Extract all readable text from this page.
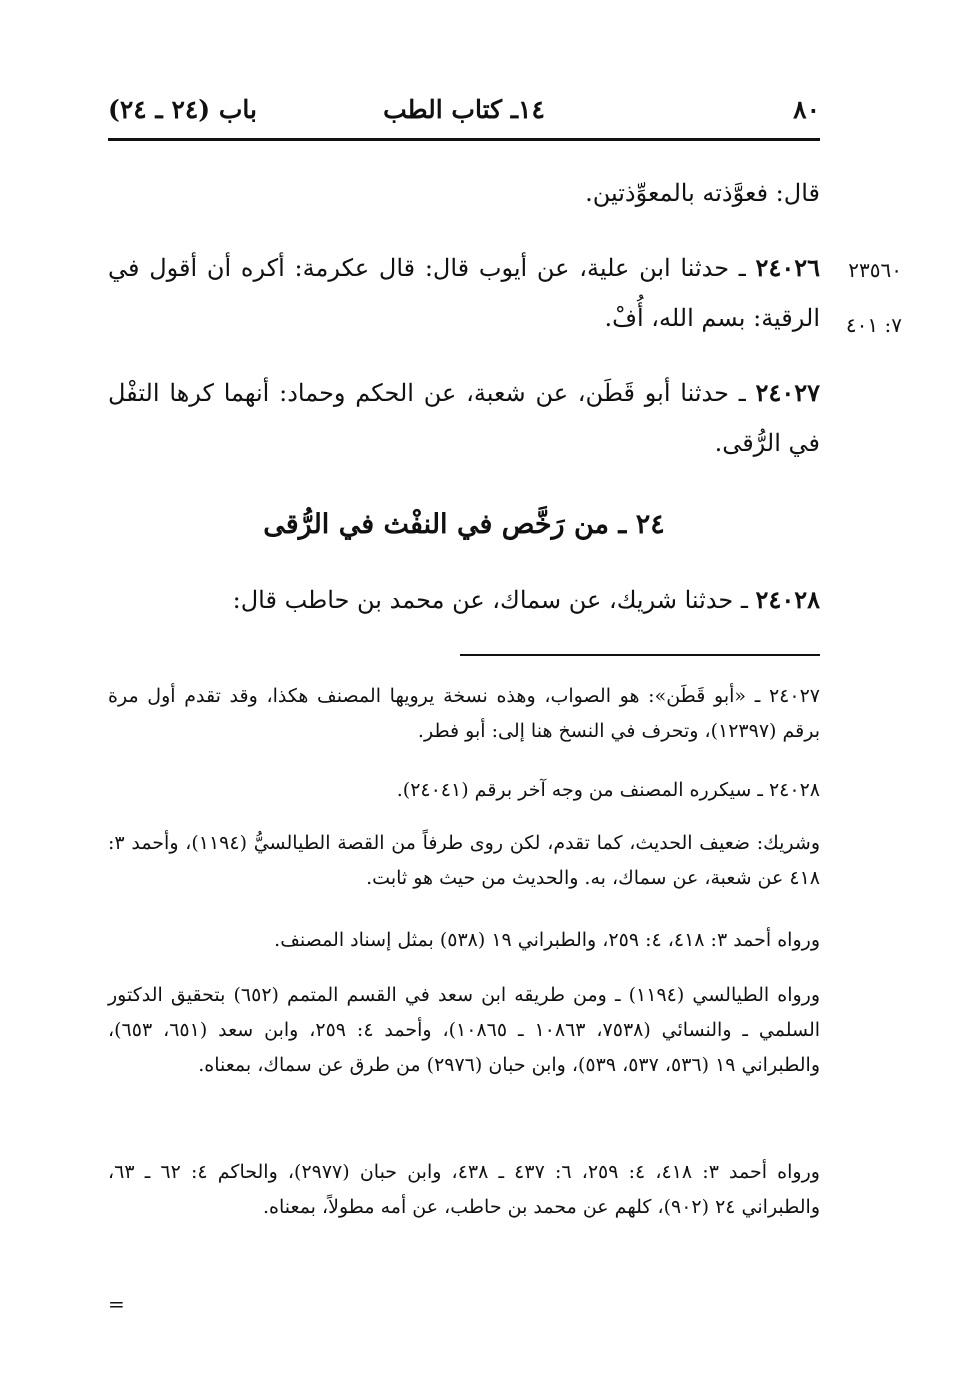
٨٠
١٤ـ كتاب الطب
باب (٢٤ ـ ٢٤)
قال: فعوَّذته بالمعوِّذتين.
٢٣٥٦٠
٧: ٤٠١
٢٤٠٢٦ ـ حدثنا ابن علية، عن أيوب قال: قال عكرمة: أكره أن أقول في الرقية: بسم الله، أُفْ.
٢٤٠٢٧ ـ حدثنا أبو قَطَن، عن شعبة، عن الحكم وحماد: أنهما كرها التفْل في الرُّقى.
٢٤ ـ من رَخَّص في النفْث في الرُّقى
٢٤٠٢٨ ـ حدثنا شريك، عن سماك، عن محمد بن حاطب قال:
٢٤٠٢٧ ـ «أبو قَطَن»: هو الصواب، وهذه نسخة يرويها المصنف هكذا، وقد تقدم أول مرة برقم (١٢٣٩٧)، وتحرف في النسخ هنا إلى: أبو فطر.
٢٤٠٢٨ ـ سيكرره المصنف من وجه آخر برقم (٢٤٠٤١).
وشريك: ضعيف الحديث، كما تقدم، لكن روى طرفاً من القصة الطيالسيُّ (١١٩٤)، وأحمد ٣: ٤١٨ عن شعبة، عن سماك، به. والحديث من حيث هو ثابت.
ورواه أحمد ٣: ٤١٨، ٤: ٢٥٩، والطبراني ١٩ (٥٣٨) بمثل إسناد المصنف.
ورواه الطيالسي (١١٩٤) ـ ومن طريقه ابن سعد في القسم المتمم (٦٥٢) بتحقيق الدكتور السلمي ـ والنسائي (٧٥٣٨، ١٠٨٦٣ ـ ١٠٨٦٥)، وأحمد ٤: ٢٥٩، وابن سعد (٦٥١، ٦٥٣)، والطبراني ١٩ (٥٣٦، ٥٣٧، ٥٣٩)، وابن حبان (٢٩٧٦) من طرق عن سماك، بمعناه.
ورواه أحمد ٣: ٤١٨، ٤: ٢٥٩، ٦: ٤٣٧ ـ ٤٣٨، وابن حبان (٢٩٧٧)، والحاكم ٤: ٦٢ ـ ٦٣، والطبراني ٢٤ (٩٠٢)، كلهم عن محمد بن حاطب، عن أمه مطولاً، بمعناه.
=
